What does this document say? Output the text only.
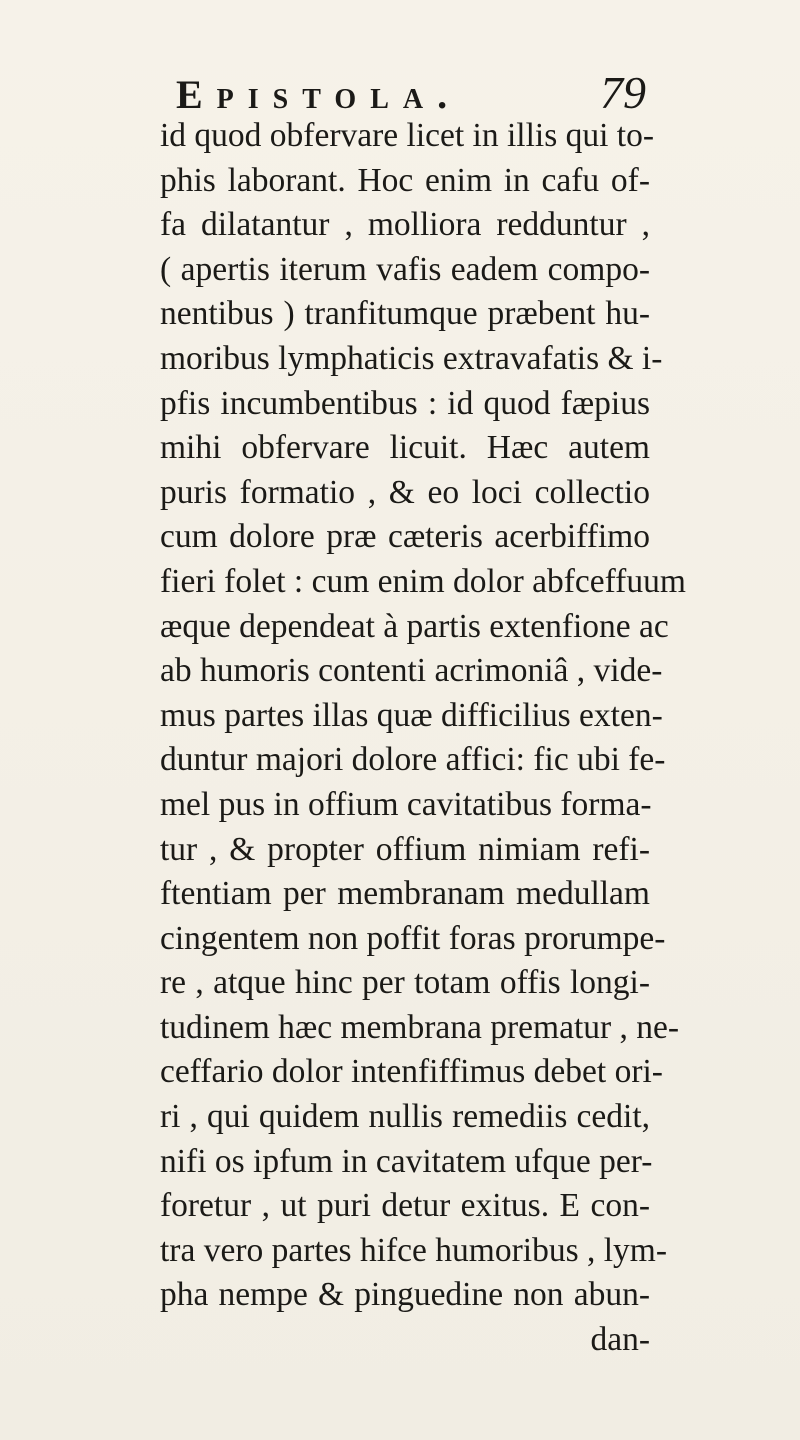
Epistola.	79
id quod obfervare licet in illis qui to-
phis laborant. Hoc enim in cafu of-
fa dilatantur , molliora redduntur ,
( apertis iterum vafis eadem compo-
nentibus ) tranfitumque præbent hu-
moribus lymphaticis extravafatis & i-
pfis incumbentibus : id quod fæpius
mihi obfervare licuit. Hæc autem
puris formatio , & eo loci collectio
cum dolore præ cæteris acerbiffimo
fieri folet : cum enim dolor abfceffuum
æque dependeat à partis extenfione ac
ab humoris contenti acrimoniâ , vide-
mus partes illas quæ difficilius exten-
duntur majori dolore affici: fic ubi fe-
mel pus in offium cavitatibus forma-
tur , & propter offium nimiam refi-
ftentiam per membranam medullam
cingentem non poffit foras prorumpe-
re , atque hinc per totam offis longi-
tudinem hæc membrana prematur , ne-
ceffario dolor intenfiffimus debet ori-
ri , qui quidem nullis remediis cedit,
nifi os ipfum in cavitatem ufque per-
foretur , ut puri detur exitus. E con-
tra vero partes hifce humoribus , lym-
pha nempe & pinguedine non abun-
dan-
